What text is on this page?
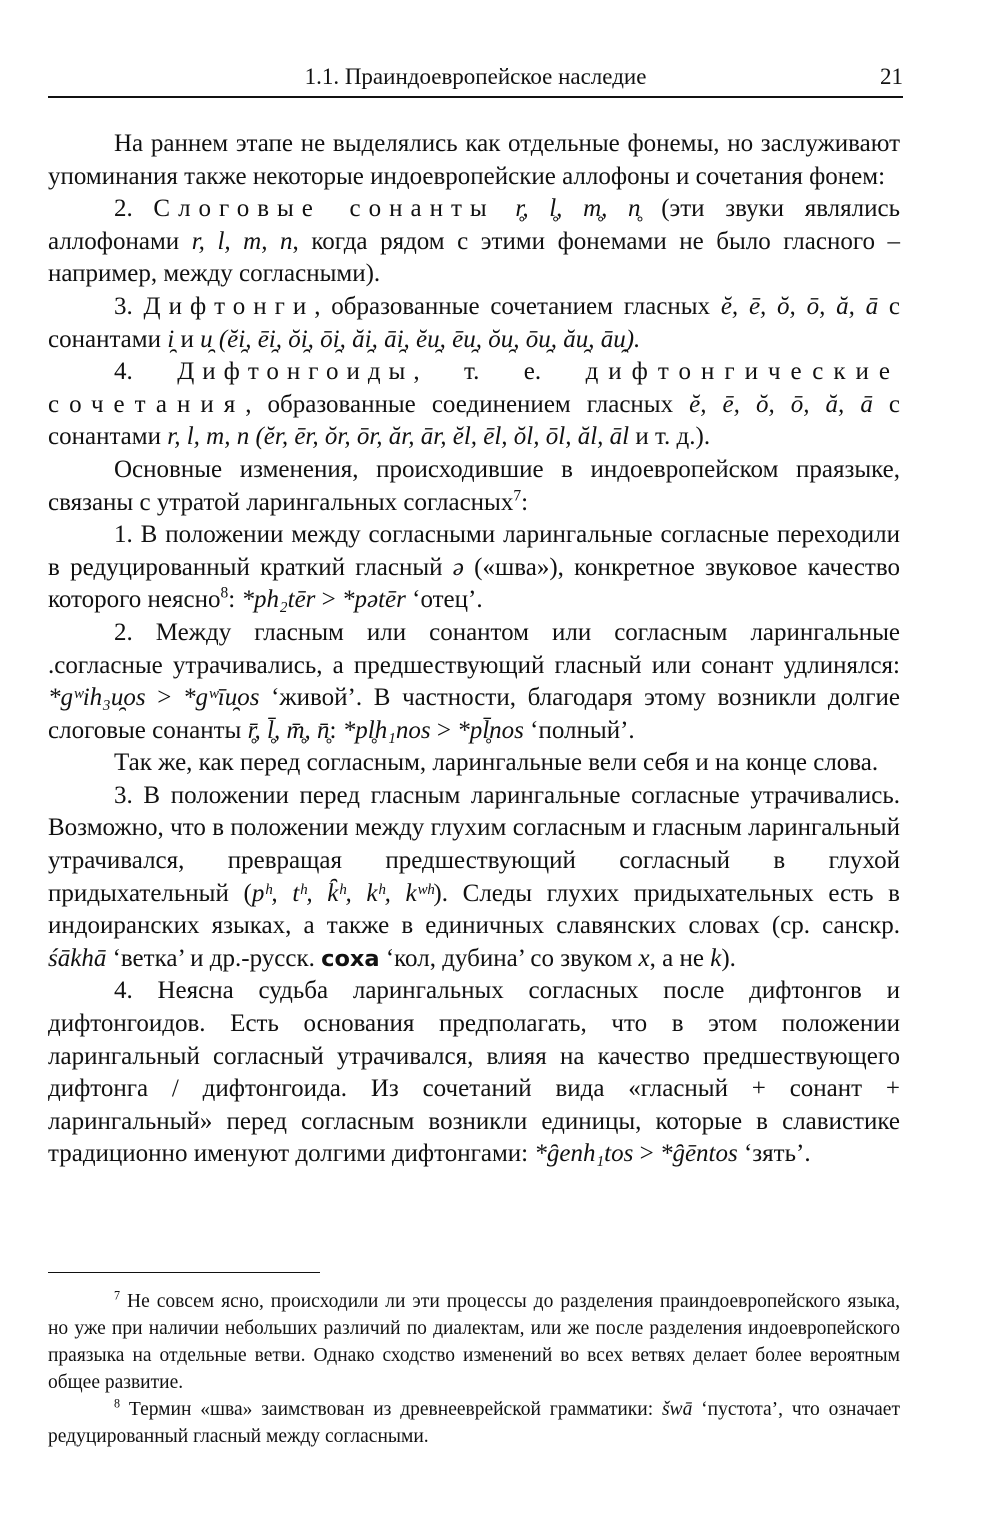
1.1. Праиндоевропейское наследие	21

На раннем этапе не выделялись как отдельные фонемы, но заслуживают упоминания также некоторые индоевропейские аллофоны и сочетания фонем:

2. Слоговые сонанты r̥, l̥, m̥, n̥ (эти звуки являлись аллофонами r, l, m, n, когда рядом с этими фонемами не было гласного – например, между согласными).

3. Дифтонги, образованные сочетанием гласных ĕ, ē, ŏ, ō, ă, ā с сонантами i̯ и u̯ (ĕi̯, ēi̯, ŏi̯, ōi̯, ăi̯, āi̯, ĕu̯, ēu̯, ŏu̯, ōu̯, ău̯, āu̯).

4. Дифтонгоиды, т. е. дифтонгические сочетания, образованные соединением гласных ĕ, ē, ŏ, ō, ă, ā с сонантами r, l, m, n (ĕr, ēr, ŏr, ōr, ăr, ār, ĕl, ēl, ŏl, ōl, ăl, āl и т. д.).

Основные изменения, происходившие в индоевропейском праязыке, связаны с утратой ларингальных согласных$^7$:

1. В положении между согласными ларингальные согласные переходили в редуцированный краткий гласный ə («шва»), конкретное звуковое качество которого неясно$^8$: *ph₂tēr > *pətēr ‘отец’.

2. Между гласным или сонантом или согласным ларингальные .согласные утрачивались, а предшествующий гласный или сонант удлинялся: *gʷih₃u̯os > *gʷīu̯os ‘живой’. В частности, благодаря этому возникли долгие слоговые сонанты r̥̄, l̥̄, m̥̄, n̥̄: *pl̥h₁nos > *pl̥̄nos ‘полный’.

Так же, как перед согласным, ларингальные вели себя и на конце слова.

3. В положении перед гласным ларингальные согласные утрачивались. Возможно, что в положении между глухим согласным и гласным ларингальный утрачивался, превращая предшествующий согласный в глухой придыхательный (pʰ, tʰ, k̑ʰ, kʰ, kʷʰ). Следы глухих придыхательных есть в индоиранских языках, а также в единичных славянских словах (ср. санскр. śākhā ‘ветка’ и др.-русск. соха ‘кол, дубина’ со звуком x, а не k).

4. Неясна судьба ларингальных согласных после дифтонгов и дифтонгоидов. Есть основания предполагать, что в этом положении ларингальный согласный утрачивался, влияя на качество предшествующего дифтонга / дифтонгоида. Из сочетаний вида «гласный + сонант + ларингальный» перед согласным возникли единицы, которые в славистике традиционно именуют долгими дифтонгами: *g̑enh₁tos > *g̑ēntos ‘зять’.

$^7$ Не совсем ясно, происходили ли эти процессы до разделения праиндоевропейского языка, но уже при наличии небольших различий по диалектам, или же после разделения индоевропейского праязыка на отдельные ветви. Однако сходство изменений во всех ветвях делает более вероятным общее развитие.

$^8$ Термин «шва» заимствован из древнееврейской грамматики: šwā ‘пустота’, что означает редуцированный гласный между согласными.
